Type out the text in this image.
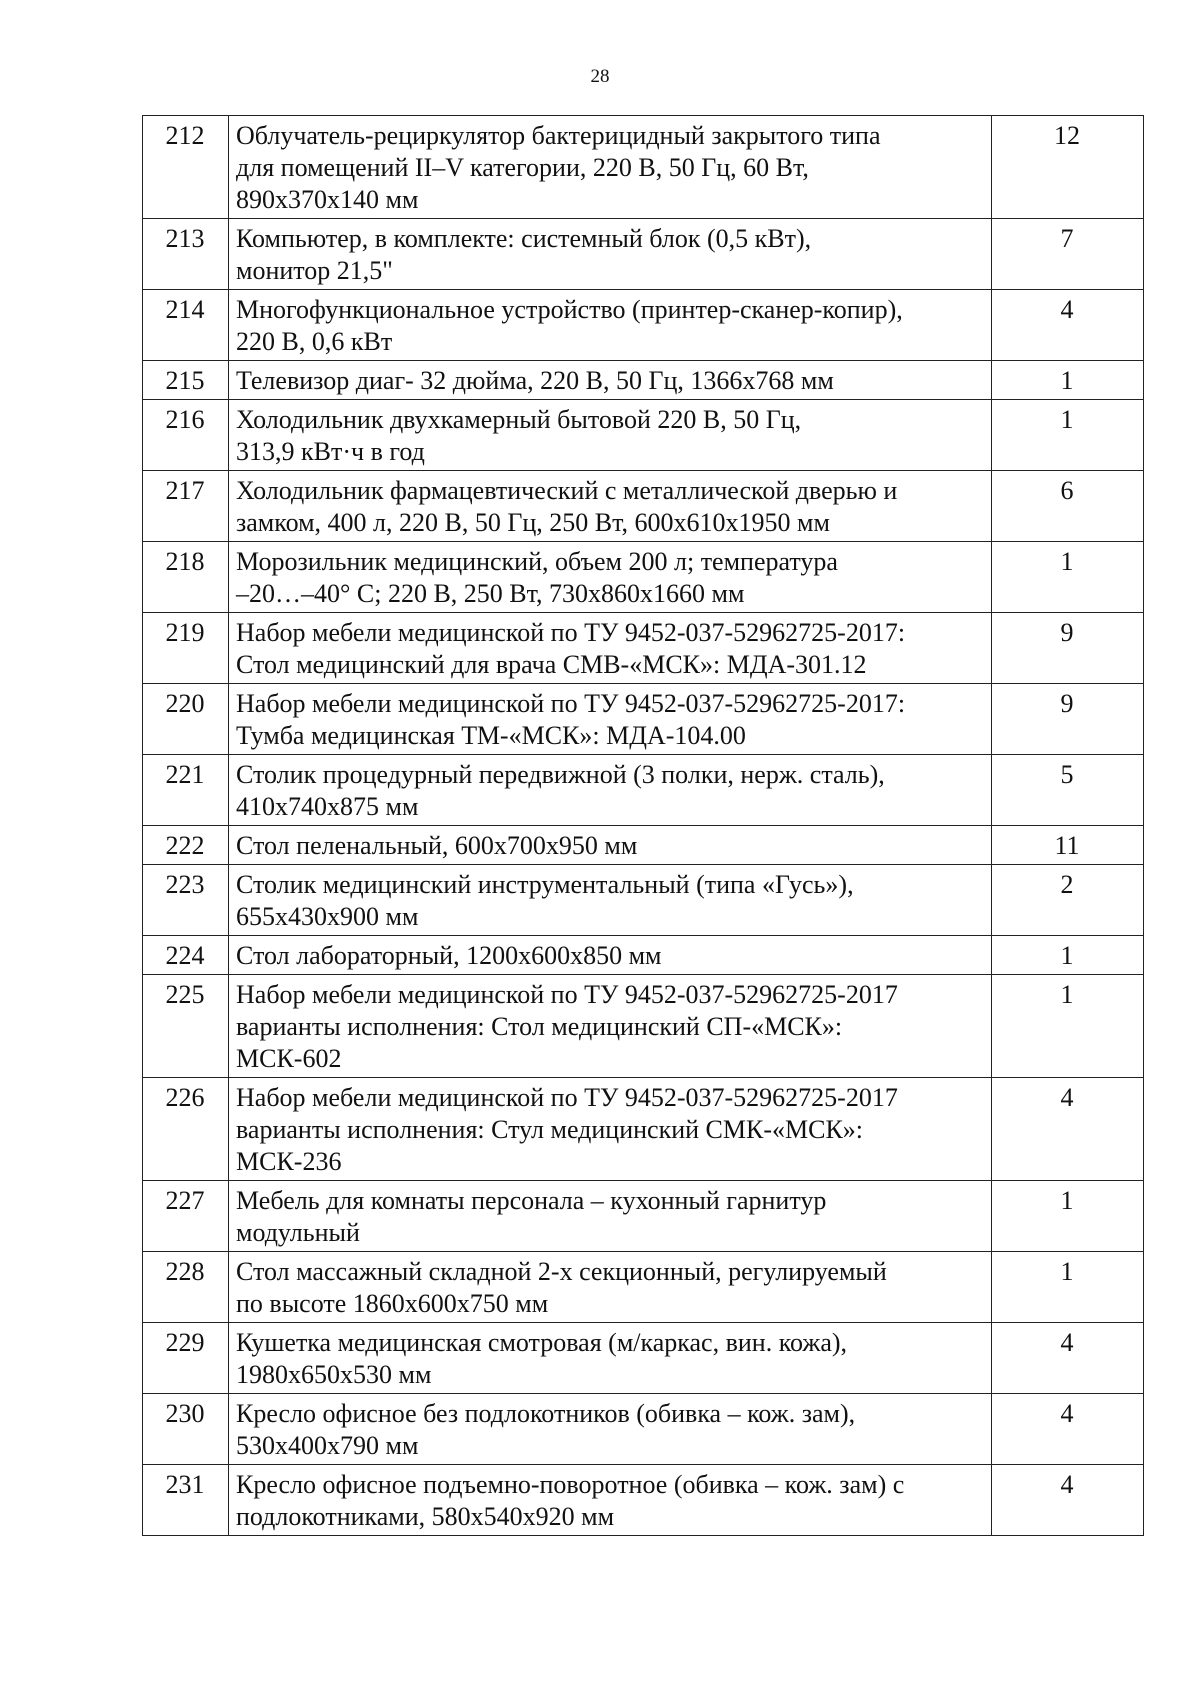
28
212	Облучатель-рециркулятор бактерицидный закрытого типа
для помещений II–V категории, 220 В, 50 Гц, 60 Вт,
890х370х140 мм	12
213	Компьютер, в комплекте: системный блок (0,5 кВт),
монитор 21,5"	7
214	Многофункциональное устройство (принтер-сканер-копир),
220 В, 0,6 кВт	4
215	Телевизор диаг- 32 дюйма, 220 В, 50 Гц, 1366х768 мм	1
216	Холодильник двухкамерный бытовой 220 В, 50 Гц,
313,9 кВт·ч в год	1
217	Холодильник фармацевтический с металлической дверью и
замком, 400 л, 220 В, 50 Гц, 250 Вт, 600х610х1950 мм	6
218	Морозильник медицинский, объем 200 л; температура
–20…–40° С; 220 В, 250 Вт, 730х860х1660 мм	1
219	Набор мебели медицинской по ТУ 9452-037-52962725-2017:
Стол медицинский для врача СМВ-«МСК»: МДА-301.12	9
220	Набор мебели медицинской по ТУ 9452-037-52962725-2017:
Тумба медицинская ТМ-«МСК»: МДА-104.00	9
221	Столик процедурный передвижной (3 полки, нерж. сталь),
410х740х875 мм	5
222	Стол пеленальный, 600х700х950 мм	11
223	Столик медицинский инструментальный (типа «Гусь»),
655х430х900 мм	2
224	Стол лабораторный, 1200х600х850 мм	1
225	Набор мебели медицинской по ТУ 9452-037-52962725-2017
варианты исполнения: Стол медицинский СП-«МСК»:
МСК-602	1
226	Набор мебели медицинской по ТУ 9452-037-52962725-2017
варианты исполнения: Стул медицинский СМК-«МСК»:
МСК-236	4
227	Мебель для комнаты персонала – кухонный гарнитур
модульный	1
228	Стол массажный складной 2-х секционный, регулируемый
по высоте 1860х600х750 мм	1
229	Кушетка медицинская смотровая (м/каркас, вин. кожа),
1980х650х530 мм	4
230	Кресло офисное без подлокотников (обивка – кож. зам),
530х400х790 мм	4
231	Кресло офисное подъемно-поворотное (обивка – кож. зам) с
подлокотниками, 580х540х920 мм	4
